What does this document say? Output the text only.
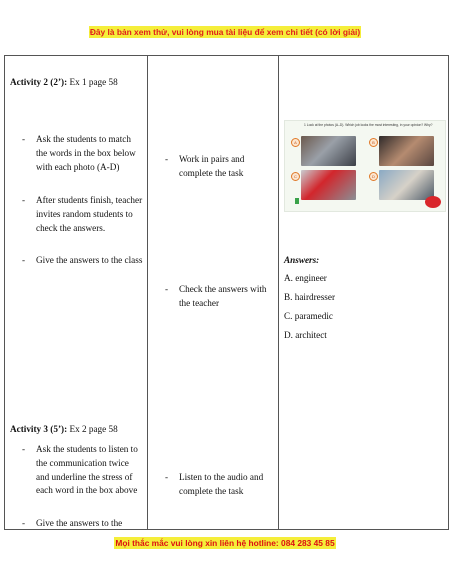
Đây là bản xem thử, vui lòng mua tài liệu để xem chi tiết (có lời giải)
Activity 2 (2’): Ex 1 page 58
- Ask the students to match the words in the box below with each photo (A-D)
- After students finish, teacher invites random students to check the answers.
- Give the answers to the class
Activity 3 (5’): Ex 2 page 58
- Ask the students to listen to the communication twice and underline the stress of each word in the box above
- Give the answers to the

- Work in pairs and complete the task
- Check the answers with the teacher
- Listen to the audio and complete the task

1 Look at the photos (A–D). Which job looks the most interesting, in your opinion? Why?
A	B
C	D
Answers:
A. engineer
B. hairdresser
C. paramedic
D. architect
Mọi thắc mắc vui lòng xin liên hệ hotline: 084 283 45 85
